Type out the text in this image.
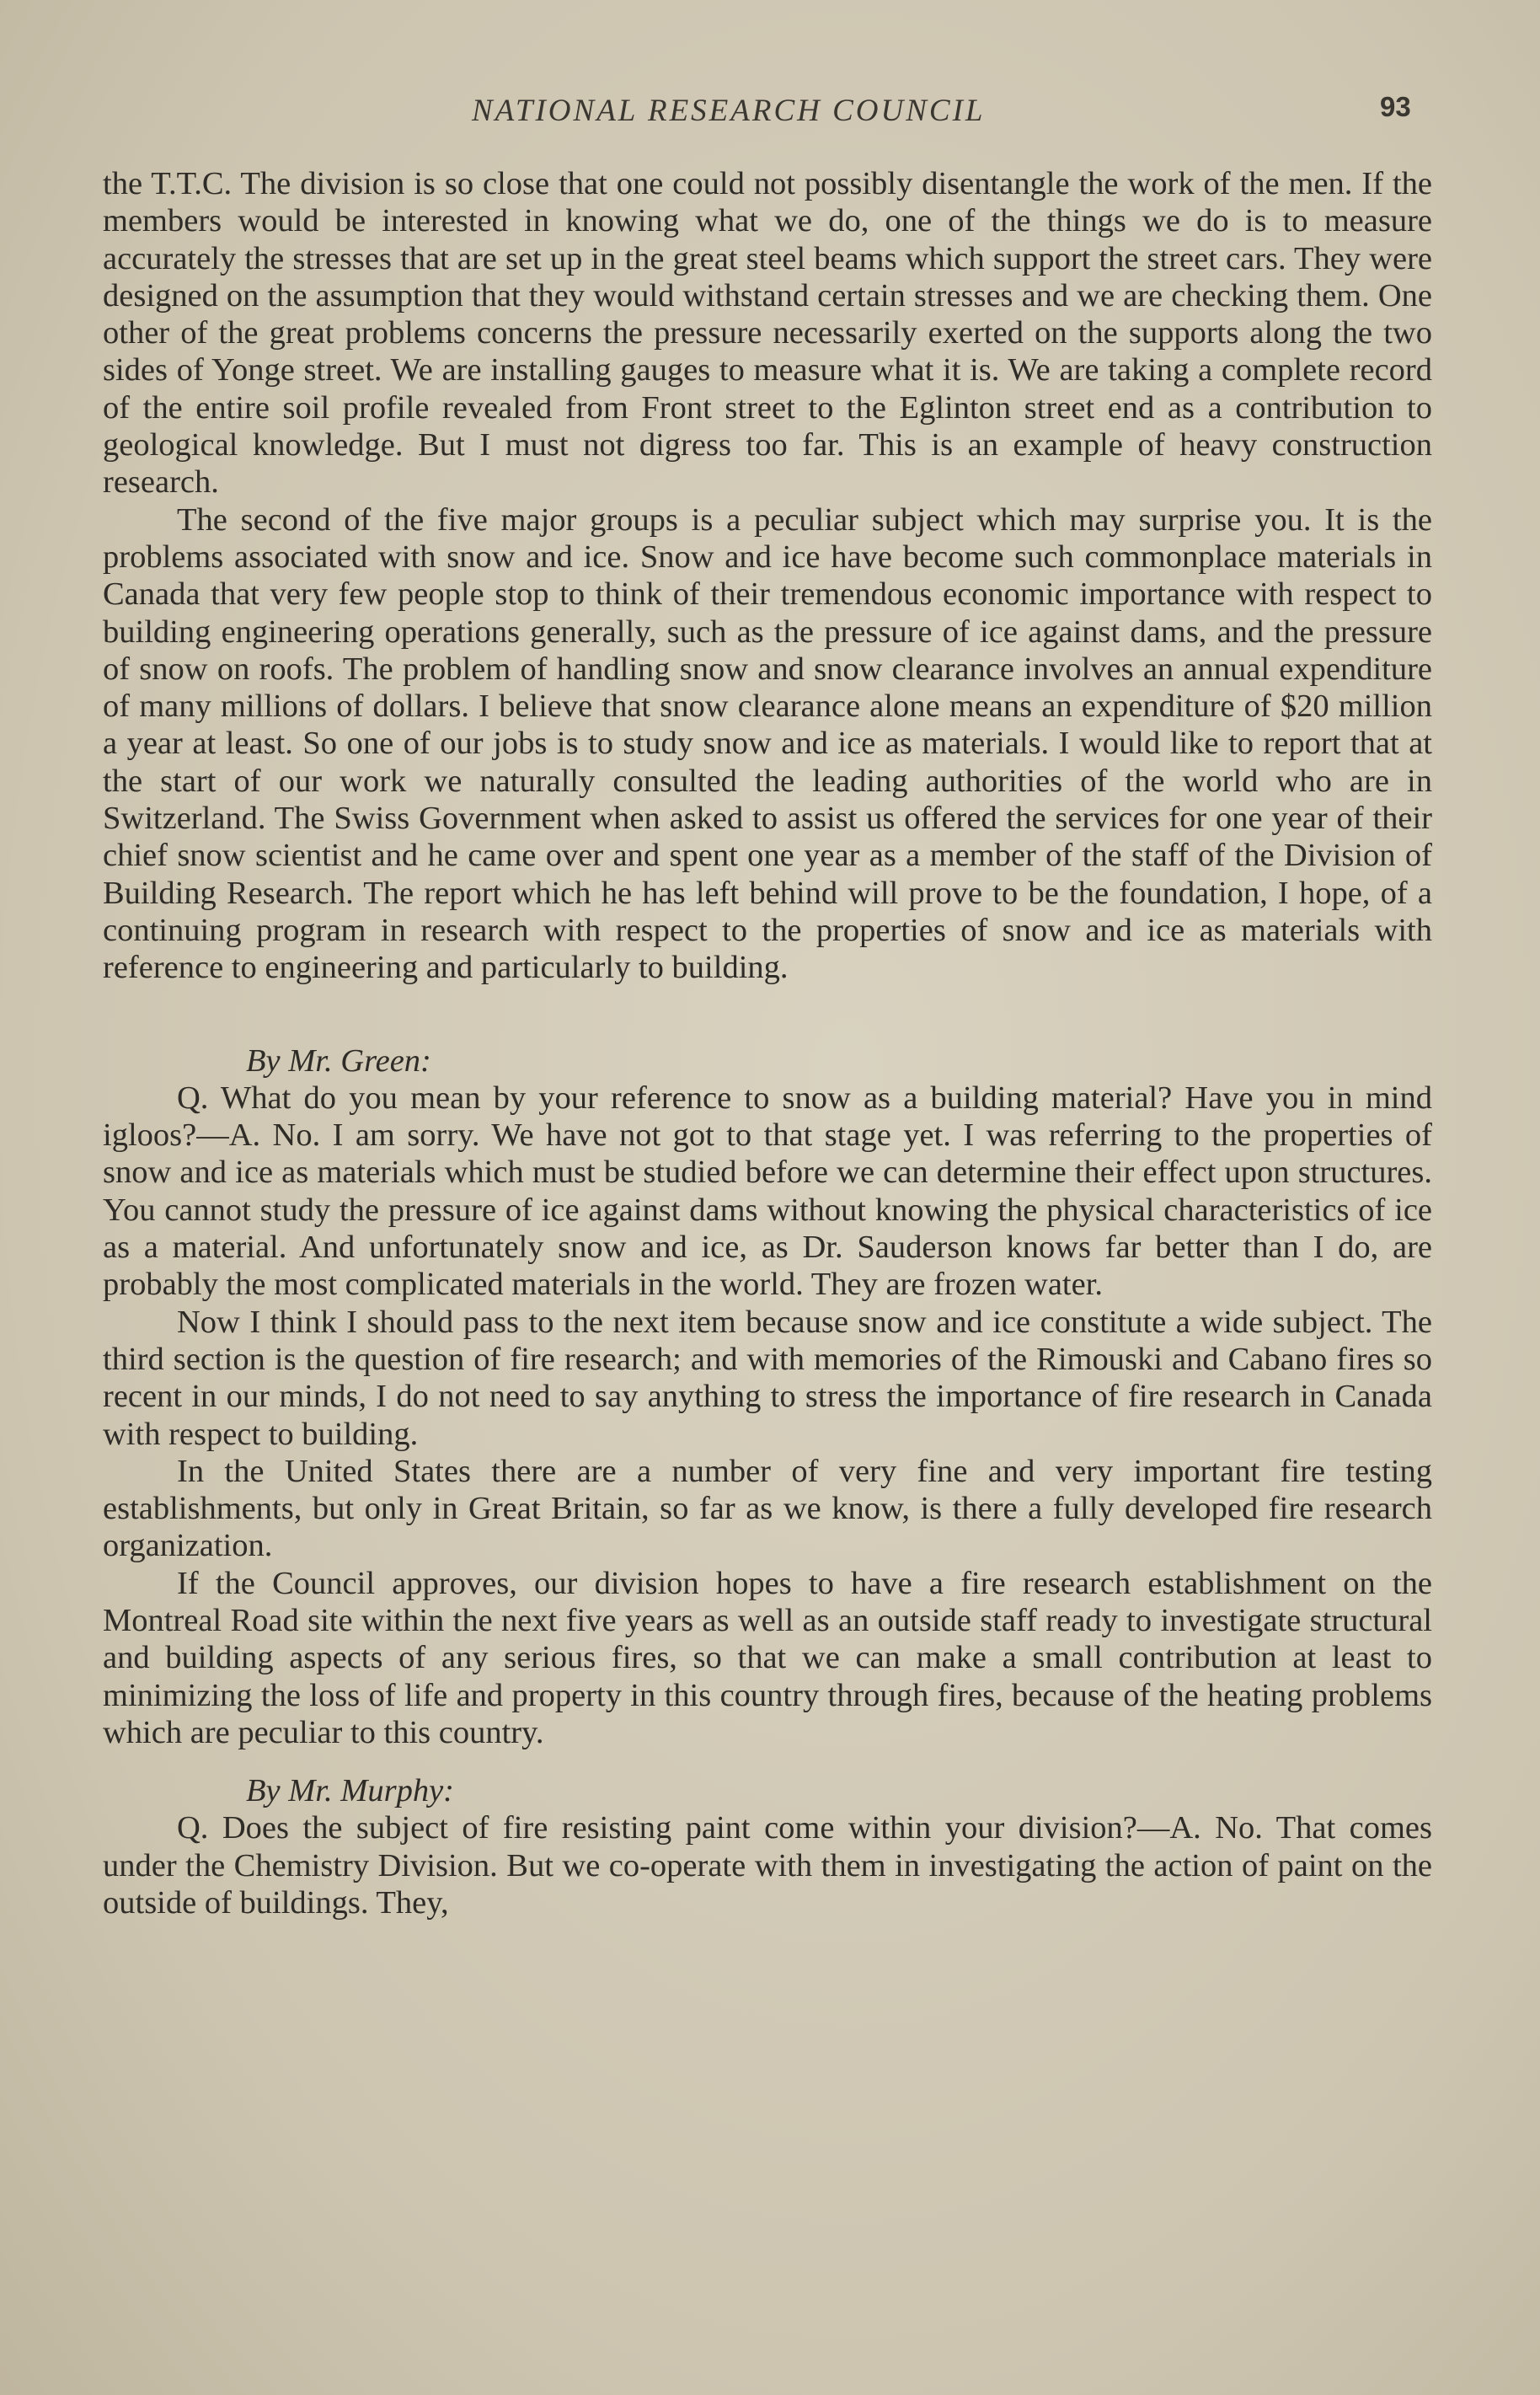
NATIONAL RESEARCH COUNCIL	93

the T.T.C. The division is so close that one could not possibly disentangle the work of the men. If the members would be interested in knowing what we do, one of the things we do is to measure accurately the stresses that are set up in the great steel beams which support the street cars. They were designed on the assumption that they would withstand certain stresses and we are checking them. One other of the great problems concerns the pressure necessarily exerted on the supports along the two sides of Yonge street. We are installing gauges to measure what it is. We are taking a complete record of the entire soil profile revealed from Front street to the Eglinton street end as a contribution to geological knowledge. But I must not digress too far. This is an example of heavy construction research.

The second of the five major groups is a peculiar subject which may surprise you. It is the problems associated with snow and ice. Snow and ice have become such commonplace materials in Canada that very few people stop to think of their tremendous economic importance with respect to building engineering operations generally, such as the pressure of ice against dams, and the pressure of snow on roofs. The problem of handling snow and snow clearance involves an annual expenditure of many millions of dollars. I believe that snow clearance alone means an expenditure of $20 million a year at least. So one of our jobs is to study snow and ice as materials. I would like to report that at the start of our work we naturally consulted the leading authorities of the world who are in Switzerland. The Swiss Government when asked to assist us offered the services for one year of their chief snow scientist and he came over and spent one year as a member of the staff of the Division of Building Research. The report which he has left behind will prove to be the foundation, I hope, of a continuing program in research with respect to the properties of snow and ice as materials with reference to engineering and particularly to building.

By Mr. Green:

Q. What do you mean by your reference to snow as a building material? Have you in mind igloos?—A. No. I am sorry. We have not got to that stage yet. I was referring to the properties of snow and ice as materials which must be studied before we can determine their effect upon structures. You cannot study the pressure of ice against dams without knowing the physical characteristics of ice as a material. And unfortunately snow and ice, as Dr. Sauderson knows far better than I do, are probably the most complicated materials in the world. They are frozen water.

Now I think I should pass to the next item because snow and ice constitute a wide subject. The third section is the question of fire research; and with memories of the Rimouski and Cabano fires so recent in our minds, I do not need to say anything to stress the importance of fire research in Canada with respect to building.

In the United States there are a number of very fine and very important fire testing establishments, but only in Great Britain, so far as we know, is there a fully developed fire research organization.

If the Council approves, our division hopes to have a fire research establishment on the Montreal Road site within the next five years as well as an outside staff ready to investigate structural and building aspects of any serious fires, so that we can make a small contribution at least to minimizing the loss of life and property in this country through fires, because of the heating problems which are peculiar to this country.

By Mr. Murphy:

Q. Does the subject of fire resisting paint come within your division?—A. No. That comes under the Chemistry Division. But we co-operate with them in investigating the action of paint on the outside of buildings. They,
